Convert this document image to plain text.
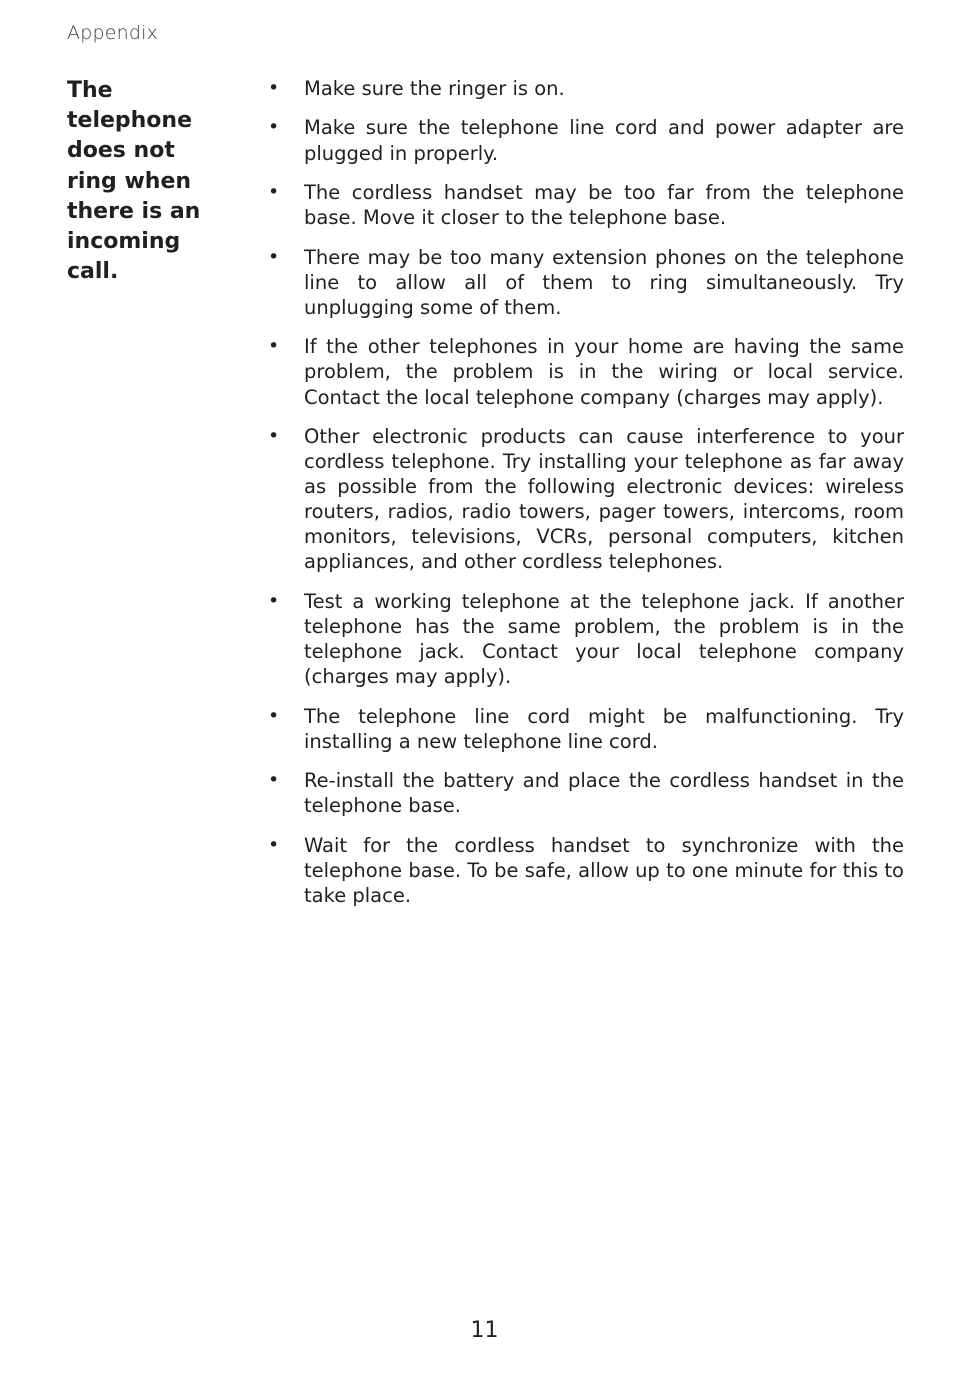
Appendix
The telephone does not ring when there is an incoming call.
• Make sure the ringer is on.
• Make sure the telephone line cord and power adapter are plugged in properly.
• The cordless handset may be too far from the telephone base. Move it closer to the telephone base.
• There may be too many extension phones on the telephone line to allow all of them to ring simultaneously. Try unplugging some of them.
• If the other telephones in your home are having the same problem, the problem is in the wiring or local service. Contact the local telephone company (charges may apply).
• Other electronic products can cause interference to your cordless telephone. Try installing your telephone as far away as possible from the following electronic devices: wireless routers, radios, radio towers, pager towers, intercoms, room monitors, televisions, VCRs, personal computers, kitchen appliances, and other cordless telephones.
• Test a working telephone at the telephone jack. If another telephone has the same problem, the problem is in the telephone jack. Contact your local telephone company (charges may apply).
• The telephone line cord might be malfunctioning. Try installing a new telephone line cord.
• Re-install the battery and place the cordless handset in the telephone base.
• Wait for the cordless handset to synchronize with the telephone base. To be safe, allow up to one minute for this to take place.
11
